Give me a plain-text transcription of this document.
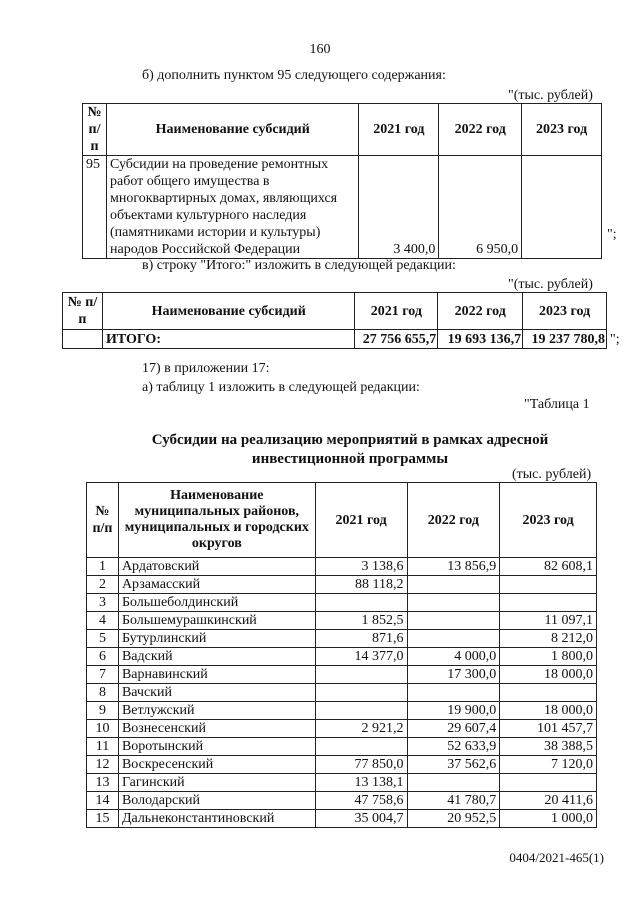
160
б) дополнить пунктом 95 следующего содержания:
"(тыс. рублей)
№ п/п	Наименование субсидий	2021 год	2022 год	2023 год
95	Субсидии на проведение ремонтных работ общего имущества в многоквартирных домах, являющихся объектами культурного наследия (памятниками истории и культуры) народов Российской Федерации	3 400,0	6 950,0	
";
в) строку "Итого:" изложить в следующей редакции:
"(тыс. рублей)
№ п/п	Наименование субсидий	2021 год	2022 год	2023 год
	ИТОГО:	27 756 655,7	19 693 136,7	19 237 780,8 ";
17) в приложении 17:
а) таблицу 1 изложить в следующей редакции:
"Таблица 1
Субсидии на реализацию мероприятий в рамках адресной
инвестиционной программы
(тыс. рублей)
№ п/п	Наименование муниципальных районов, муниципальных и городских округов	2021 год	2022 год	2023 год
1	Ардатовский	3 138,6	13 856,9	82 608,1
2	Арзамасский	88 118,2		
3	Большеболдинский			
4	Большемурашкинский	1 852,5		11 097,1
5	Бутурлинский	871,6		8 212,0
6	Вадский	14 377,0	4 000,0	1 800,0
7	Варнавинский		17 300,0	18 000,0
8	Вачский			
9	Ветлужский		19 900,0	18 000,0
10	Вознесенский	2 921,2	29 607,4	101 457,7
11	Воротынский		52 633,9	38 388,5
12	Воскресенский	77 850,0	37 562,6	7 120,0
13	Гагинский	13 138,1		
14	Володарский	47 758,6	41 780,7	20 411,6
15	Дальнеконстантиновский	35 004,7	20 952,5	1 000,0
0404/2021-465(1)
